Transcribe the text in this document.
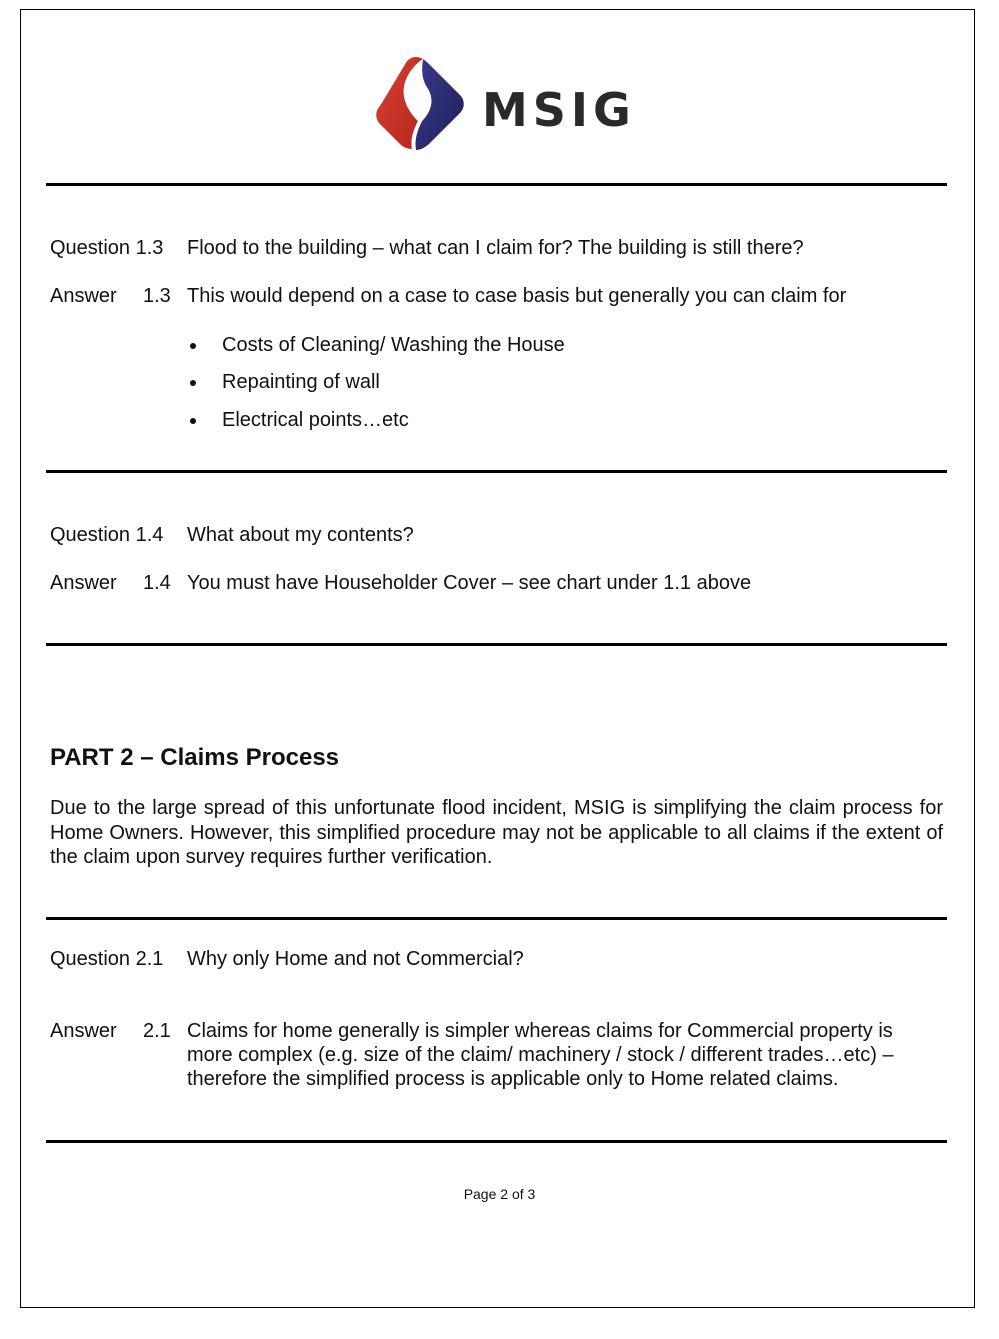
MSIG
Question 1.3 Flood to the building – what can I claim for? The building is still there?
Answer 1.3 This would depend on a case to case basis but generally you can claim for
Costs of Cleaning/ Washing the House
Repainting of wall
Electrical points…etc
Question 1.4 What about my contents?
Answer 1.4 You must have Householder Cover – see chart under 1.1 above
PART 2 – Claims Process
Due to the large spread of this unfortunate flood incident, MSIG is simplifying the claim process for Home Owners. However, this simplified procedure may not be applicable to all claims if the extent of the claim upon survey requires further verification.
Question 2.1 Why only Home and not Commercial?
Answer 2.1 Claims for home generally is simpler whereas claims for Commercial property is more complex (e.g. size of the claim/ machinery / stock / different trades…etc) – therefore the simplified process is applicable only to Home related claims.
Page 2 of 3
